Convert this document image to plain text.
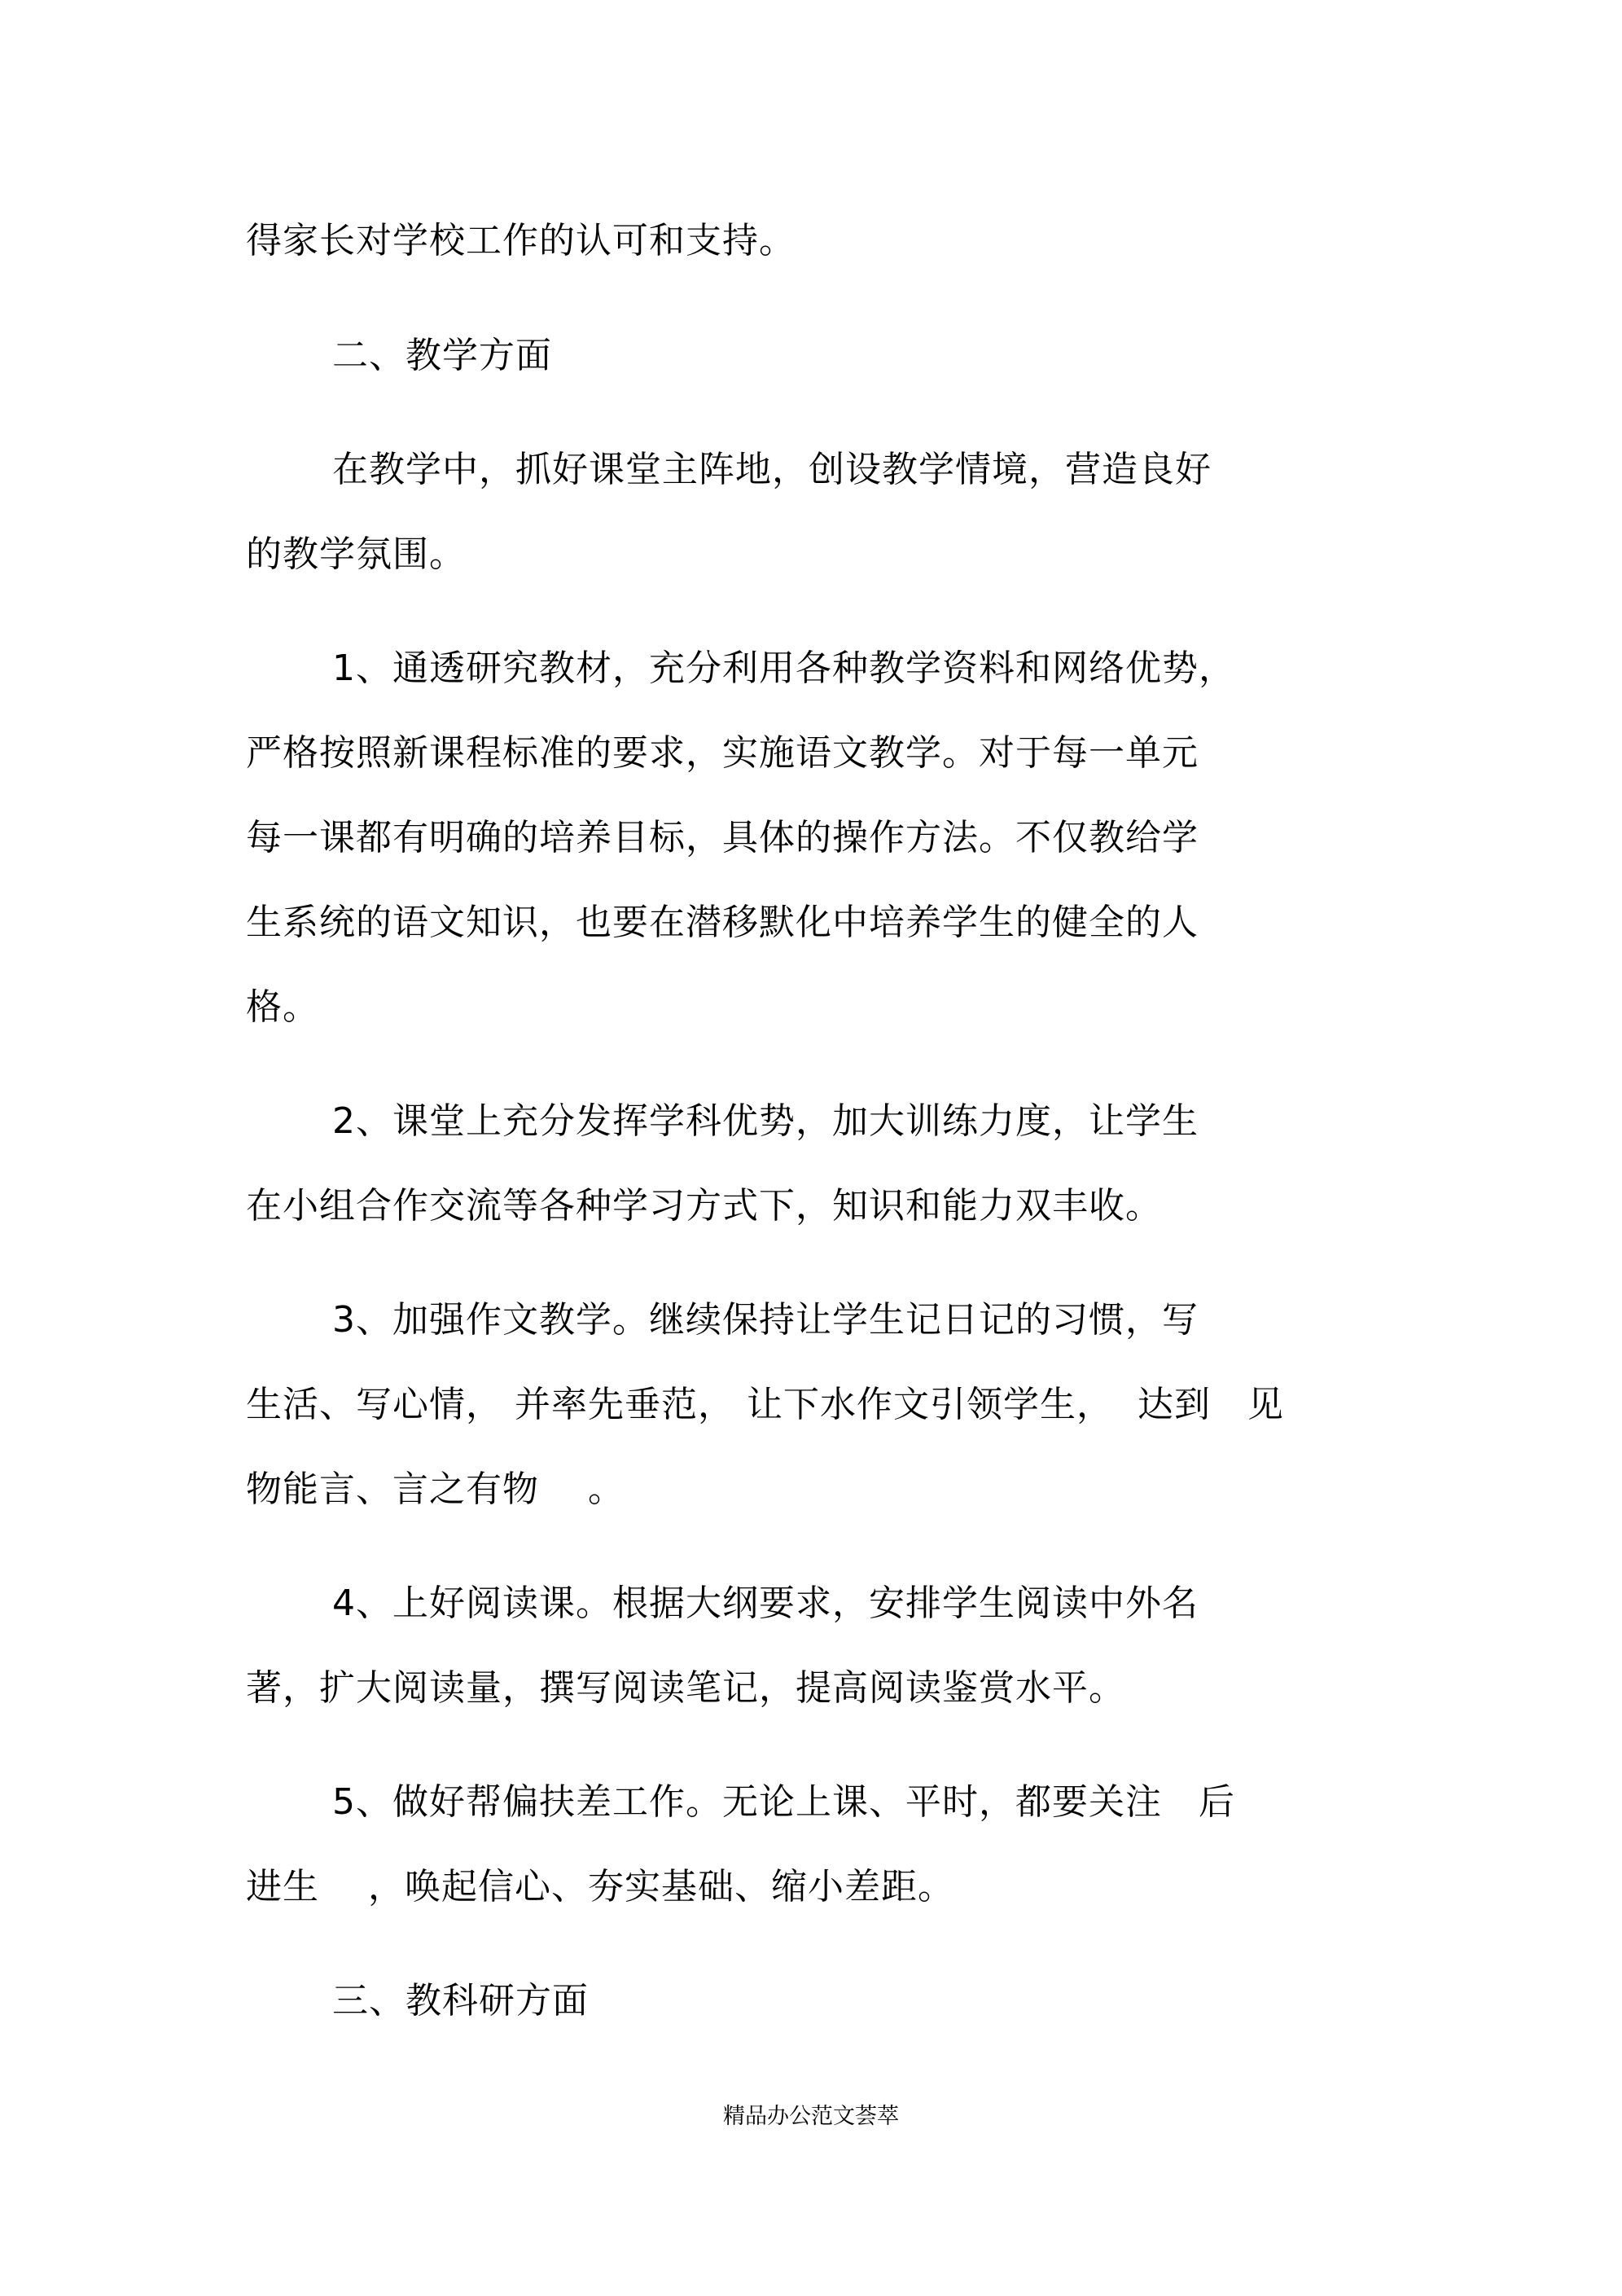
得家长对学校工作的认可和支持。
二、教学方面
在教学中，抓好课堂主阵地，创设教学情境，营造良好
的教学氛围。
1、通透研究教材，充分利用各种教学资料和网络优势，
严格按照新课程标准的要求，实施语文教学。对于每一单元
每一课都有明确的培养目标，具体的操作方法。不仅教给学
生系统的语文知识，也要在潜移默化中培养学生的健全的人
格。
2、课堂上充分发挥学科优势，加大训练力度，让学生
在小组合作交流等各种学习方式下，知识和能力双丰收。
3、加强作文教学。继续保持让学生记日记的习惯，写
生活、写心情， 并率先垂范， 让下水作文引领学生，  达到   见
物能言、言之有物    。
4、上好阅读课。根据大纲要求，安排学生阅读中外名
著，扩大阅读量，撰写阅读笔记，提高阅读鉴赏水平。
5、做好帮偏扶差工作。无论上课、平时，都要关注   后
进生    ，唤起信心、夯实基础、缩小差距。
三、教科研方面
精品办公范文荟萃
